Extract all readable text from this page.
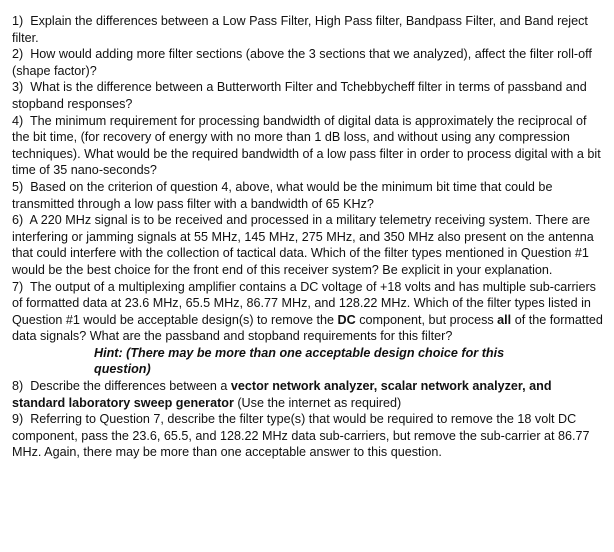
1) Explain the differences between a Low Pass Filter, High Pass filter, Bandpass Filter, and Band reject filter.

2) How would adding more filter sections (above the 3 sections that we analyzed), affect the filter roll-off (shape factor)?

3) What is the difference between a Butterworth Filter and Tchebbycheff filter in terms of passband and stopband responses?

4) The minimum requirement for processing bandwidth of digital data is approximately the reciprocal of the bit time, (for recovery of energy with no more than 1 dB loss, and without using any compression techniques). What would be the required bandwidth of a low pass filter in order to process digital with a bit time of 35 nano-seconds?

5) Based on the criterion of question 4, above, what would be the minimum bit time that could be transmitted through a low pass filter with a bandwidth of 65 KHz?

6) A 220 MHz signal is to be received and processed in a military telemetry receiving system. There are interfering or jamming signals at 55 MHz, 145 MHz, 275 MHz, and 350 MHz also present on the antenna that could interfere with the collection of tactical data. Which of the filter types mentioned in Question #1 would be the best choice for the front end of this receiver system? Be explicit in your explanation.

7) The output of a multiplexing amplifier contains a DC voltage of +18 volts and has multiple sub-carriers of formatted data at 23.6 MHz, 65.5 MHz, 86.77 MHz, and 128.22 MHz. Which of the filter types listed in Question #1 would be acceptable design(s) to remove the DC component, but process all of the formatted data signals? What are the passband and stopband requirements for this filter?

Hint: (There may be more than one acceptable design choice for this question)

8) Describe the differences between a vector network analyzer, scalar network analyzer, and standard laboratory sweep generator (Use the internet as required)

9) Referring to Question 7, describe the filter type(s) that would be required to remove the 18 volt DC component, pass the 23.6, 65.5, and 128.22 MHz data sub-carriers, but remove the sub-carrier at 86.77 MHz. Again, there may be more than one acceptable answer to this question.
